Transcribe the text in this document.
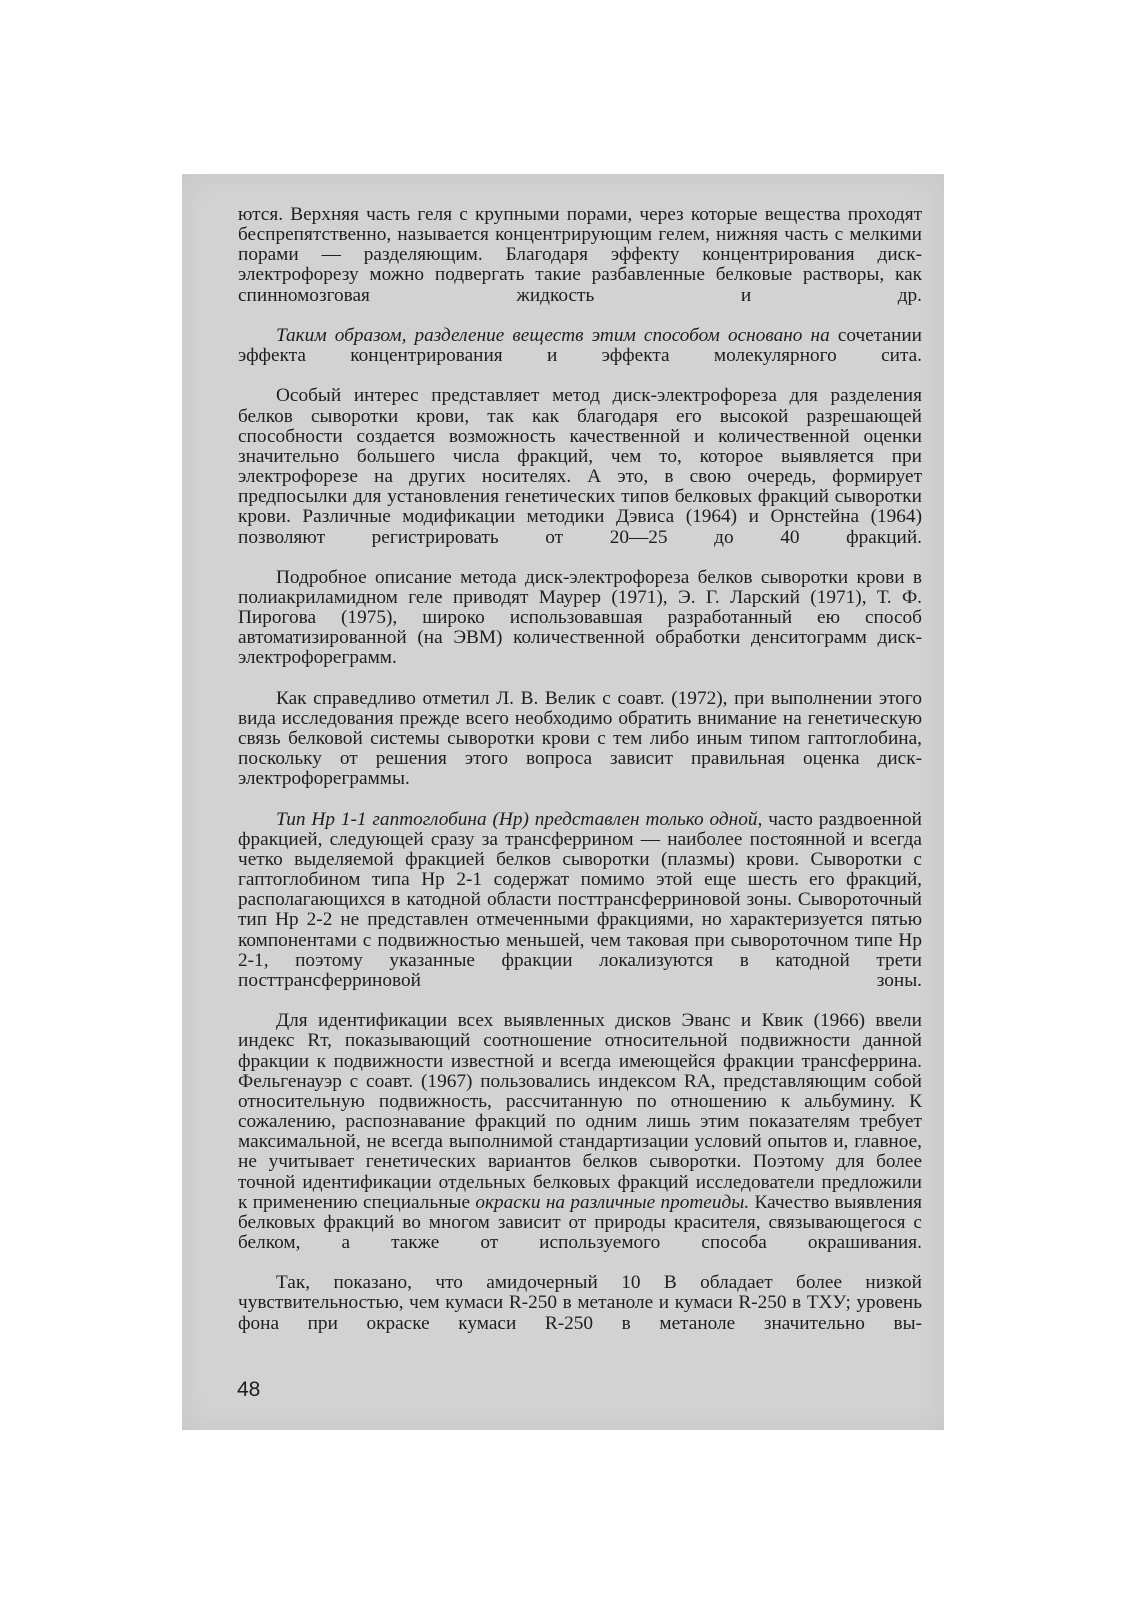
ются. Верхняя часть геля с крупными порами, через которые вещества проходят беспрепятственно, называется концентрирующим гелем, нижняя часть с мелкими порами — разделяющим. Благодаря эффекту концентрирования диск-электрофорезу можно подвергать такие разбавленные белковые растворы, как спинномозговая жидкость и др.

Таким образом, разделение веществ этим способом основано на сочетании эффекта концентрирования и эффекта молекулярного сита.

Особый интерес представляет метод диск-электрофореза для разделения белков сыворотки крови, так как благодаря его высокой разрешающей способности создается возможность качественной и количественной оценки значительно большего числа фракций, чем то, которое выявляется при электрофорезе на других носителях. А это, в свою очередь, формирует предпосылки для установления генетических типов белковых фракций сыворотки крови. Различные модификации методики Дэвиса (1964) и Орнстейна (1964) позволяют регистрировать от 20—25 до 40 фракций.

Подробное описание метода диск-электрофореза белков сыворотки крови в полиакриламидном геле приводят Маурер (1971), Э. Г. Ларский (1971), Т. Ф. Пирогова (1975), широко использовавшая разработанный ею способ автоматизированной (на ЭВМ) количественной обработки денситограмм диск-электрофореграмм.

Как справедливо отметил Л. В. Велик с соавт. (1972), при выполнении этого вида исследования прежде всего необходимо обратить внимание на генетическую связь белковой системы сыворотки крови с тем либо иным типом гаптоглобина, поскольку от решения этого вопроса зависит правильная оценка диск-электрофореграммы.

Тип Hp 1-1 гаптоглобина (Hp) представлен только одной, часто раздвоенной фракцией, следующей сразу за трансферрином — наиболее постоянной и всегда четко выделяемой фракцией белков сыворотки (плазмы) крови. Сыворотки с гаптоглобином типа Hp 2-1 содержат помимо этой еще шесть его фракций, располагающихся в катодной области посттрансферриновой зоны. Сывороточный тип Hp 2-2 не представлен отмеченными фракциями, но характеризуется пятью компонентами с подвижностью меньшей, чем таковая при сывороточном типе Hp 2-1, поэтому указанные фракции локализуются в катодной трети посттрансферриновой зоны.

Для идентификации всех выявленных дисков Эванс и Квик (1966) ввели индекс Rт, показывающий соотношение относительной подвижности данной фракции к подвижности известной и всегда имеющейся фракции трансферрина. Фельгенауэр с соавт. (1967) пользовались индексом RA, представляющим собой относительную подвижность, рассчитанную по отношению к альбумину. К сожалению, распознавание фракций по одним лишь этим показателям требует максимальной, не всегда выполнимой стандартизации условий опытов и, главное, не учитывает генетических вариантов белков сыворотки. Поэтому для более точной идентификации отдельных белковых фракций исследователи предложили к применению специальные окраски на различные протеиды. Качество выявления белковых фракций во многом зависит от природы красителя, связывающегося с белком, а также от используемого способа окрашивания.

Так, показано, что амидочерный 10 В обладает более низкой чувствительностью, чем кумаси R-250 в метаноле и кумаси R-250 в ТХУ; уровень фона при окраске кумаси R-250 в метаноле значительно вы-

48
